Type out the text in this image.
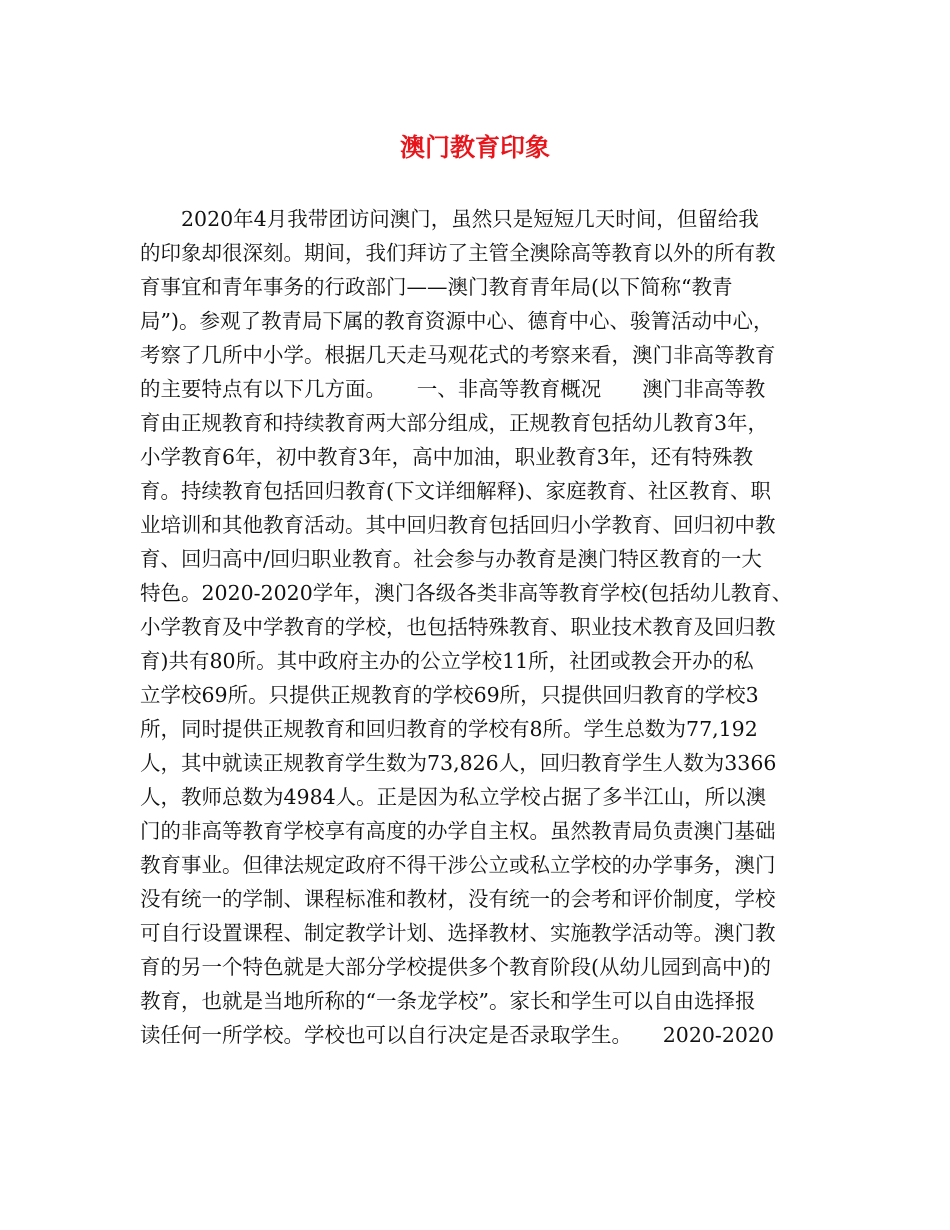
澳门教育印象
　　2020年4月我带团访问澳门，虽然只是短短几天时间，但留给我
的印象却很深刻。期间，我们拜访了主管全澳除高等教育以外的所有教
育事宜和青年事务的行政部门——澳门教育青年局(以下简称“教青
局”)。参观了教青局下属的教育资源中心、德育中心、骏箐活动中心，
考察了几所中小学。根据几天走马观花式的考察来看，澳门非高等教育
的主要特点有以下几方面。　　一、非高等教育概况　　澳门非高等教
育由正规教育和持续教育两大部分组成，正规教育包括幼儿教育3年，
小学教育6年，初中教育3年，高中加油，职业教育3年，还有特殊教
育。持续教育包括回归教育(下文详细解释)、家庭教育、社区教育、职
业培训和其他教育活动。其中回归教育包括回归小学教育、回归初中教
育、回归高中/回归职业教育。社会参与办教育是澳门特区教育的一大
特色。2020-2020学年，澳门各级各类非高等教育学校(包括幼儿教育、
小学教育及中学教育的学校，也包括特殊教育、职业技术教育及回归教
育)共有80所。其中政府主办的公立学校11所，社团或教会开办的私
立学校69所。只提供正规教育的学校69所，只提供回归教育的学校3
所，同时提供正规教育和回归教育的学校有8所。学生总数为77,192
人，其中就读正规教育学生数为73,826人，回归教育学生人数为3366
人，教师总数为4984人。正是因为私立学校占据了多半江山，所以澳
门的非高等教育学校享有高度的办学自主权。虽然教青局负责澳门基础
教育事业。但律法规定政府不得干涉公立或私立学校的办学事务，澳门
没有统一的学制、课程标准和教材，没有统一的会考和评价制度，学校
可自行设置课程、制定教学计划、选择教材、实施教学活动等。澳门教
育的另一个特色就是大部分学校提供多个教育阶段(从幼儿园到高中)的
教育，也就是当地所称的“一条龙学校”。家长和学生可以自由选择报
读任何一所学校。学校也可以自行决定是否录取学生。　　2020-2020
